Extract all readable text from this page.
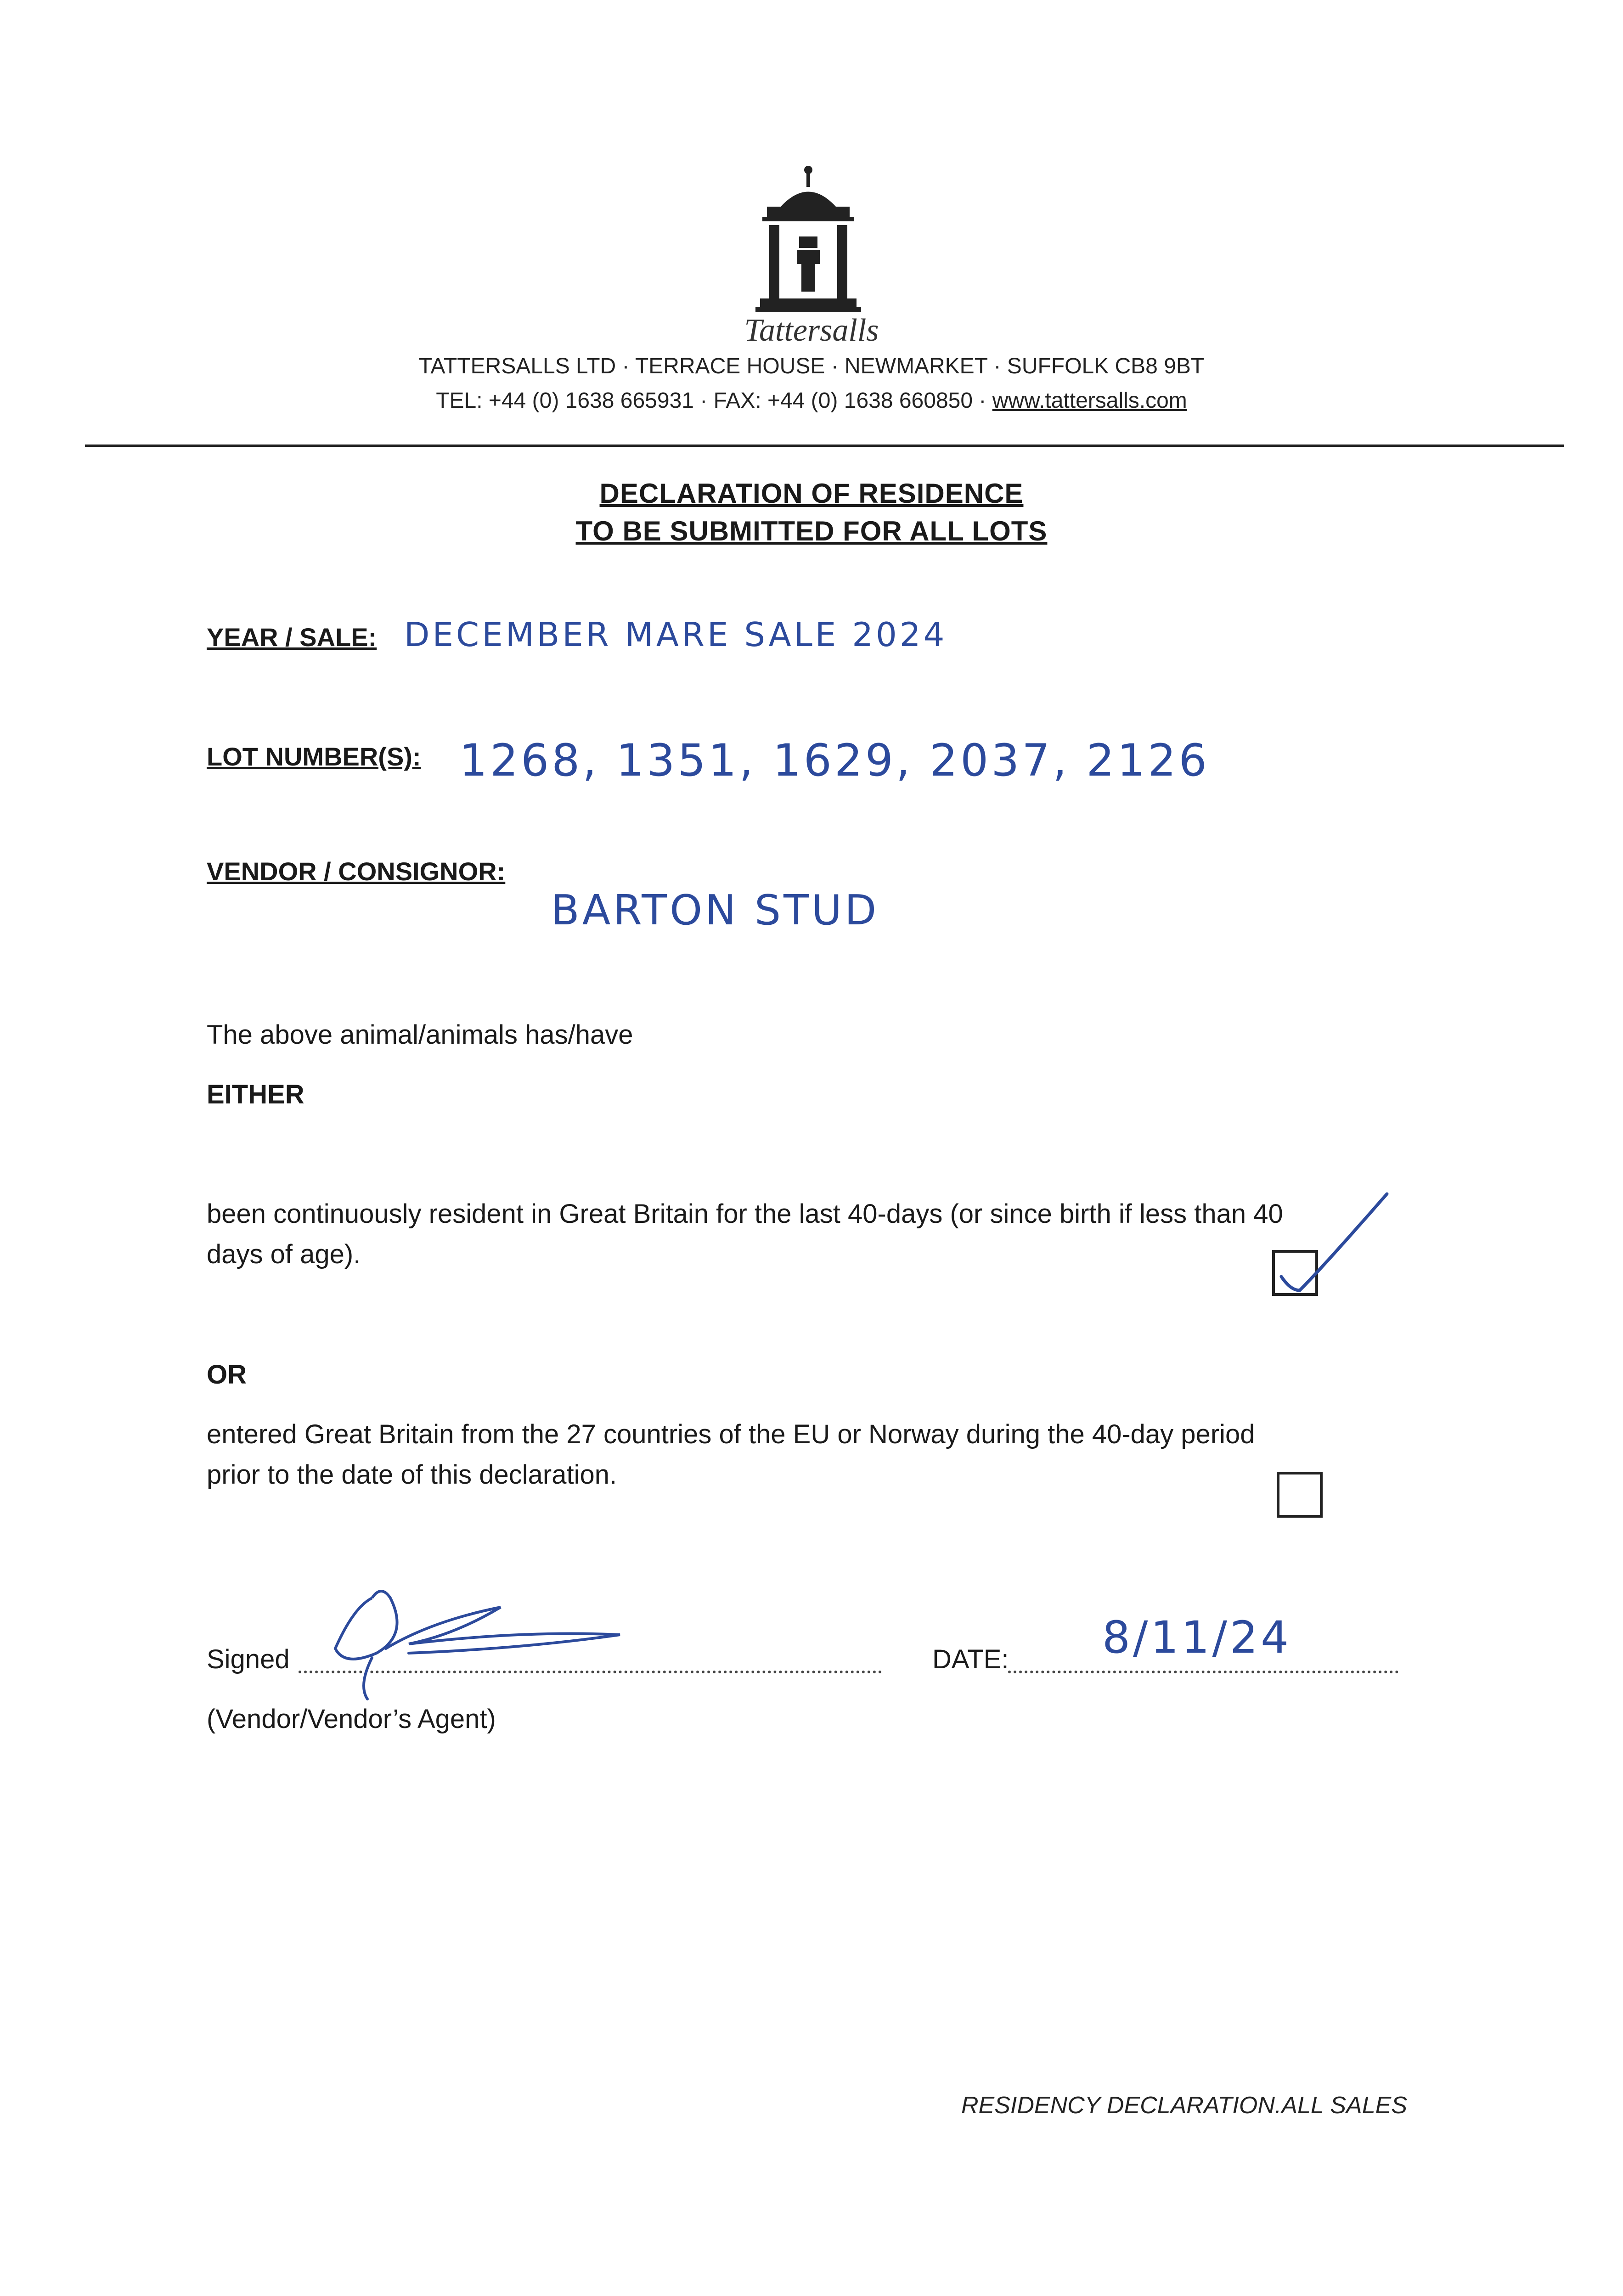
Tattersalls
TATTERSALLS LTD · TERRACE HOUSE · NEWMARKET · SUFFOLK CB8 9BT
TEL: +44 (0) 1638 665931 · FAX: +44 (0) 1638 660850 · www.tattersalls.com
DECLARATION OF RESIDENCE
TO BE SUBMITTED FOR ALL LOTS
YEAR / SALE: DECEMBER MARE SALE 2024
LOT NUMBER(S): 1268, 1351, 1629, 2037, 2126
VENDOR / CONSIGNOR:
BARTON STUD
The above animal/animals has/have
EITHER
been continuously resident in Great Britain for the last 40-days (or since birth if less than 40
days of age).
OR
entered Great Britain from the 27 countries of the EU or Norway during the 40-day period
prior to the date of this declaration.
Signed
(Vendor/Vendor’s Agent)
DATE: 8/11/24
RESIDENCY DECLARATION.ALL SALES
